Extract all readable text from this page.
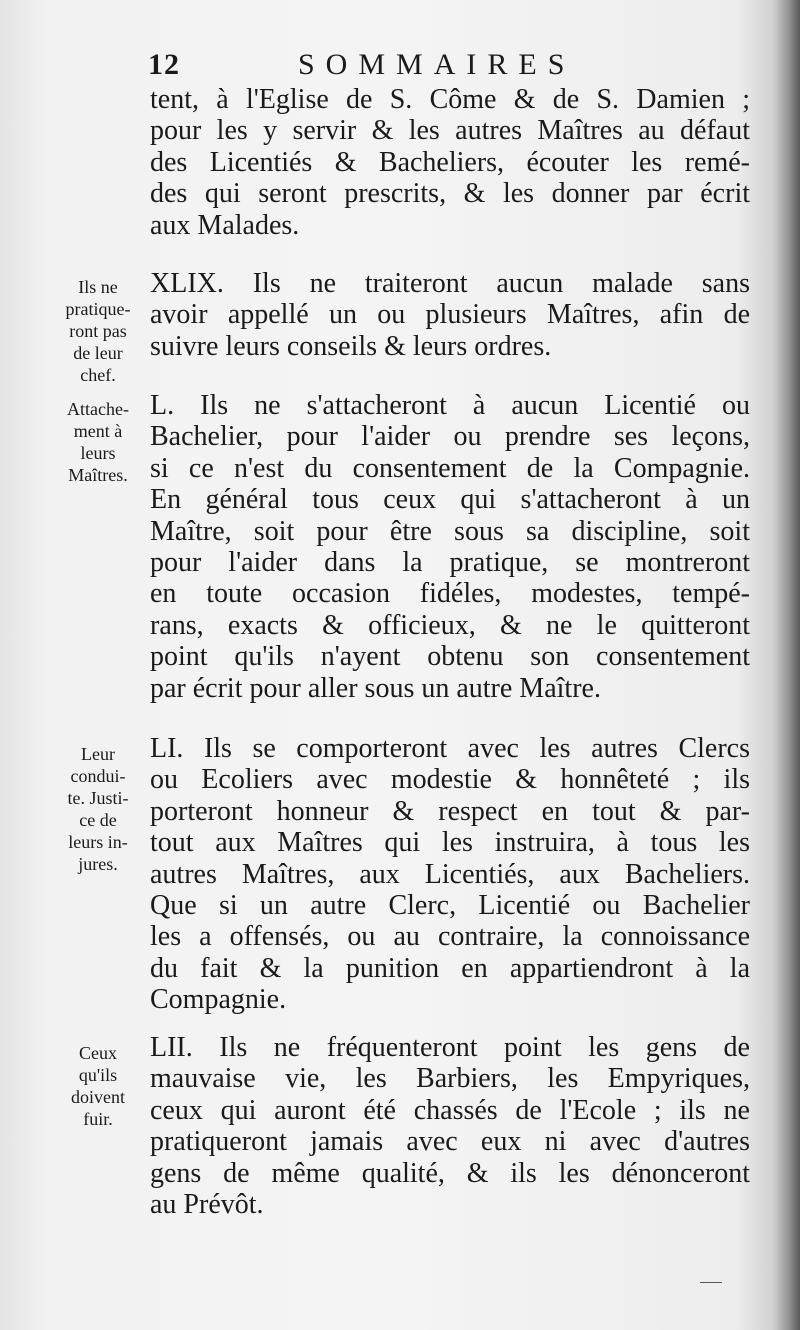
12	SOMMAIRES
tent, à l'Eglise de S. Côme & de S. Damien ;
pour les y servir & les autres Maîtres au défaut
des Licentiés & Bacheliers, écouter les remé-
des qui seront prescrits, & les donner par écrit
aux Malades.
XLIX. Ils ne traiteront aucun malade sans
avoir appellé un ou plusieurs Maîtres, afin de
suivre leurs conseils & leurs ordres.
Ils ne
pratique-
ront pas
de leur
chef.
L. Ils ne s'attacheront à aucun Licentié ou
Bachelier, pour l'aider ou prendre ses leçons,
si ce n'est du consentement de la Compagnie.
En général tous ceux qui s'attacheront à un
Maître, soit pour être sous sa discipline, soit
pour l'aider dans la pratique, se montreront
en toute occasion fidéles, modestes, tempé-
rans, exacts & officieux, & ne le quitteront
point qu'ils n'ayent obtenu son consentement
par écrit pour aller sous un autre Maître.
Attache-
ment à
leurs
Maîtres.
LI. Ils se comporteront avec les autres Clercs
ou Ecoliers avec modestie & honnêteté ; ils
porteront honneur & respect en tout & par-
tout aux Maîtres qui les instruira, à tous les
autres Maîtres, aux Licentiés, aux Bacheliers.
Que si un autre Clerc, Licentié ou Bachelier
les a offensés, ou au contraire, la connoissance
du fait & la punition en appartiendront à la
Compagnie.
Leur
condui-
te. Justi-
ce de
leurs in-
jures.
LII. Ils ne fréquenteront point les gens de
mauvaise vie, les Barbiers, les Empyriques,
ceux qui auront été chassés de l'Ecole ; ils ne
pratiqueront jamais avec eux ni avec d'autres
gens de même qualité, & ils les dénonceront
au Prévôt.
Ceux
qu'ils
doivent
fuir.
